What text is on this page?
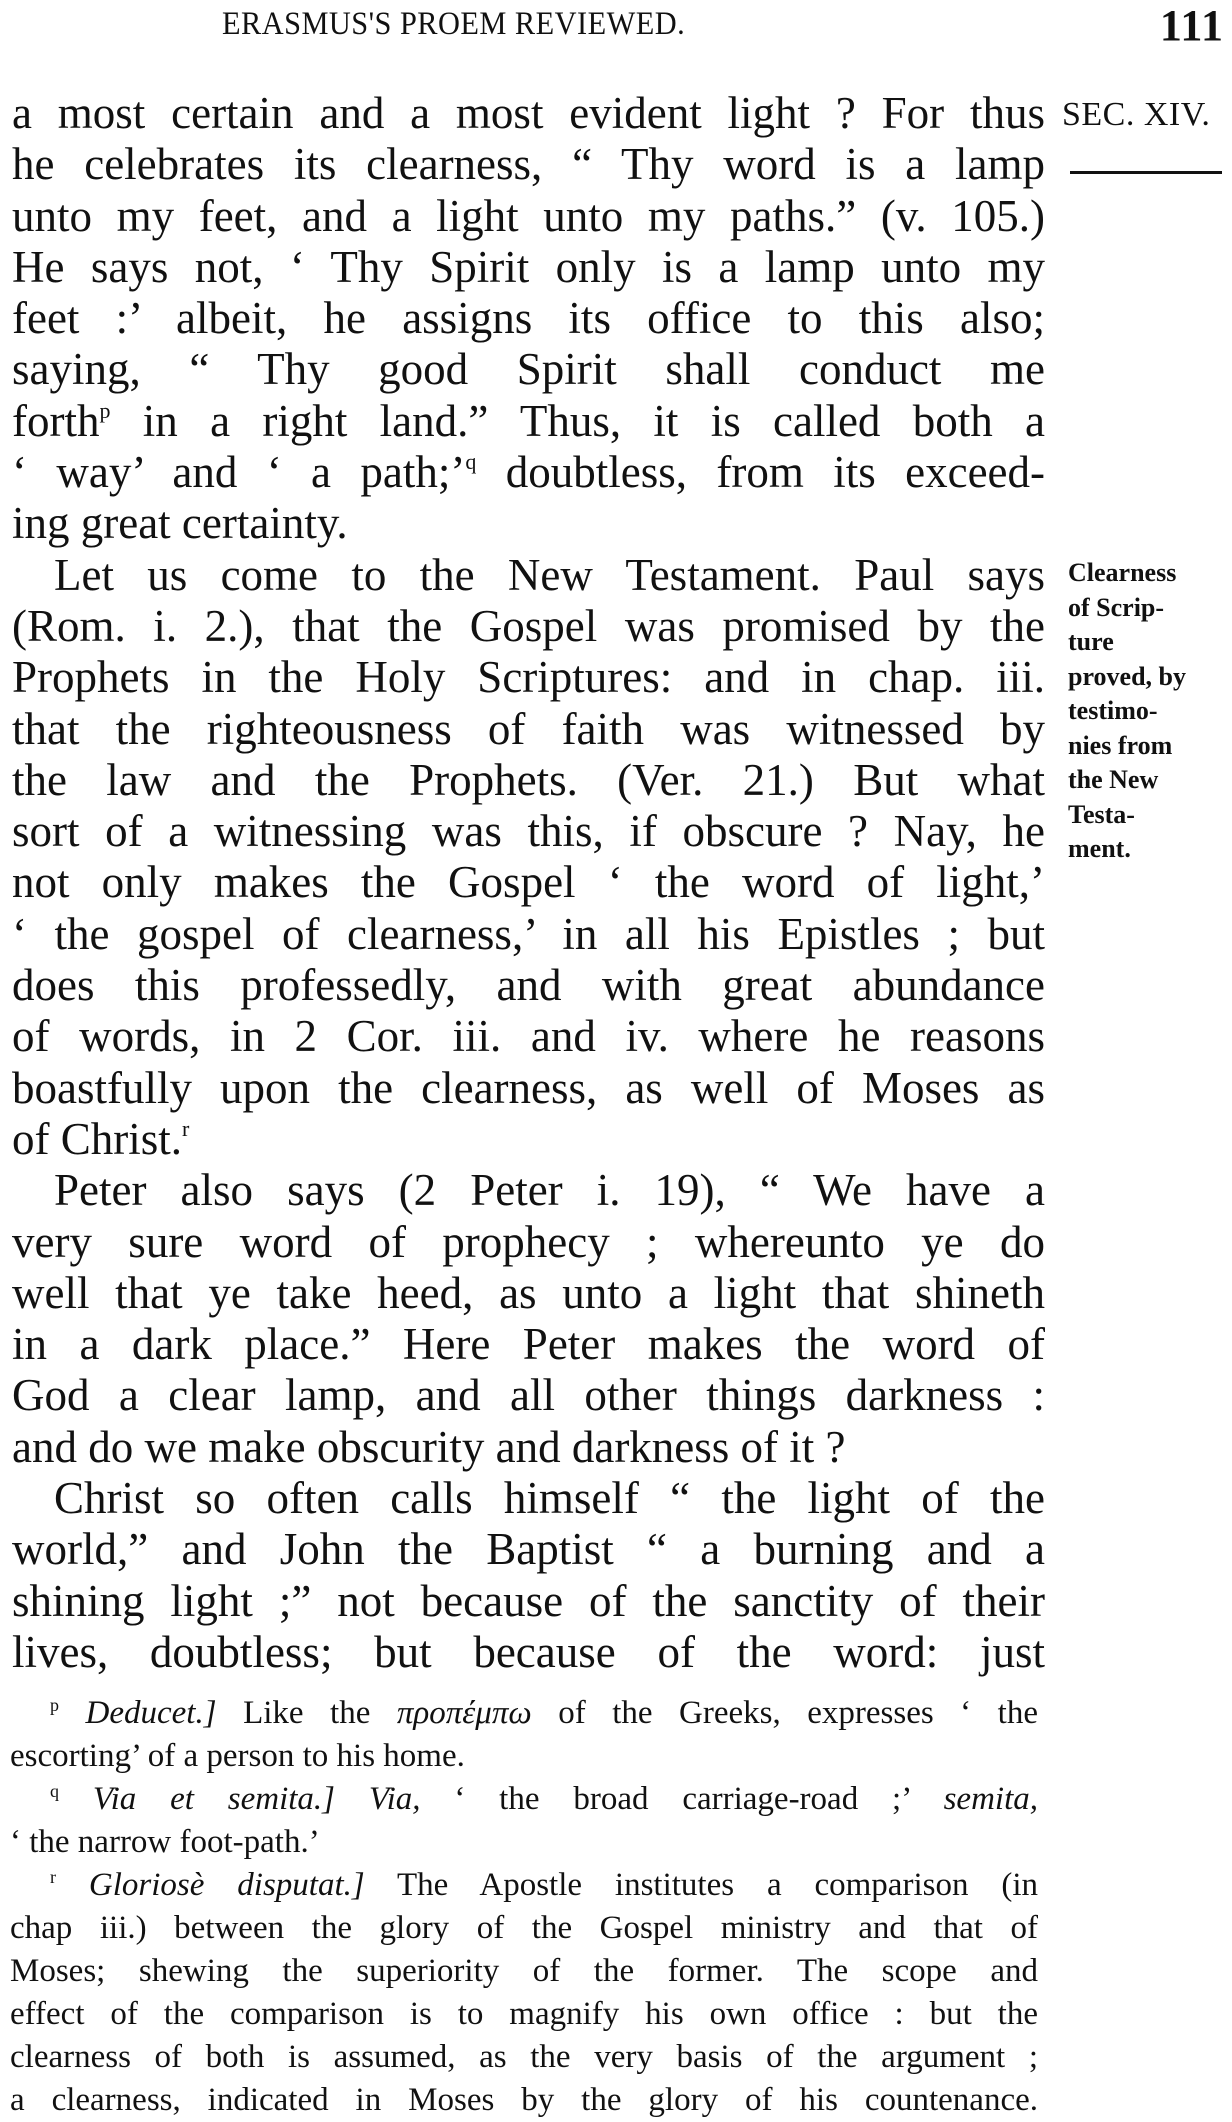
ERASMUS'S PROEM REVIEWED.	111
SEC. XIV.
Clearness
of Scrip-
ture
proved, by
testimo-
nies from
the New
Testa-
ment.
a most certain and a most evident light ? For thus
he celebrates its clearness, “ Thy word is a lamp
unto my feet, and a light unto my paths.” (v. 105.)
He says not, ‘ Thy Spirit only is a lamp unto my
feet :’ albeit, he assigns its office to this also;
saying, “ Thy good Spirit shall conduct me
forth$^p$ in a right land.” Thus, it is called both a
‘ way’ and ‘ a path;’$^q$ doubtless, from its exceed-
ing great certainty.
Let us come to the New Testament. Paul says
(Rom. i. 2.), that the Gospel was promised by the
Prophets in the Holy Scriptures: and in chap. iii.
that the righteousness of faith was witnessed by
the law and the Prophets. (Ver. 21.) But what
sort of a witnessing was this, if obscure ? Nay, he
not only makes the Gospel ‘ the word of light,’
‘ the gospel of clearness,’ in all his Epistles ; but
does this professedly, and with great abundance
of words, in 2 Cor. iii. and iv. where he reasons
boastfully upon the clearness, as well of Moses as
of Christ.$^r$
Peter also says (2 Peter i. 19), “ We have a
very sure word of prophecy ; whereunto ye do
well that ye take heed, as unto a light that shineth
in a dark place.” Here Peter makes the word of
God a clear lamp, and all other things darkness :
and do we make obscurity and darkness of it ?
Christ so often calls himself “ the light of the
world,” and John the Baptist “ a burning and a
shining light ;” not because of the sanctity of their
lives, doubtless; but because of the word: just
$^p$ Deducet.] Like the προπέμπω of the Greeks, expresses ‘ the
escorting’ of a person to his home.
$^q$ Via et semita.] Via, ‘ the broad carriage-road ;’ semita,
‘ the narrow foot-path.’
$^r$ Gloriosè disputat.] The Apostle institutes a comparison (in
chap iii.) between the glory of the Gospel ministry and that of
Moses; shewing the superiority of the former. The scope and
effect of the comparison is to magnify his own office : but the
clearness of both is assumed, as the very basis of the argument ;
a clearness, indicated in Moses by the glory of his countenance.
